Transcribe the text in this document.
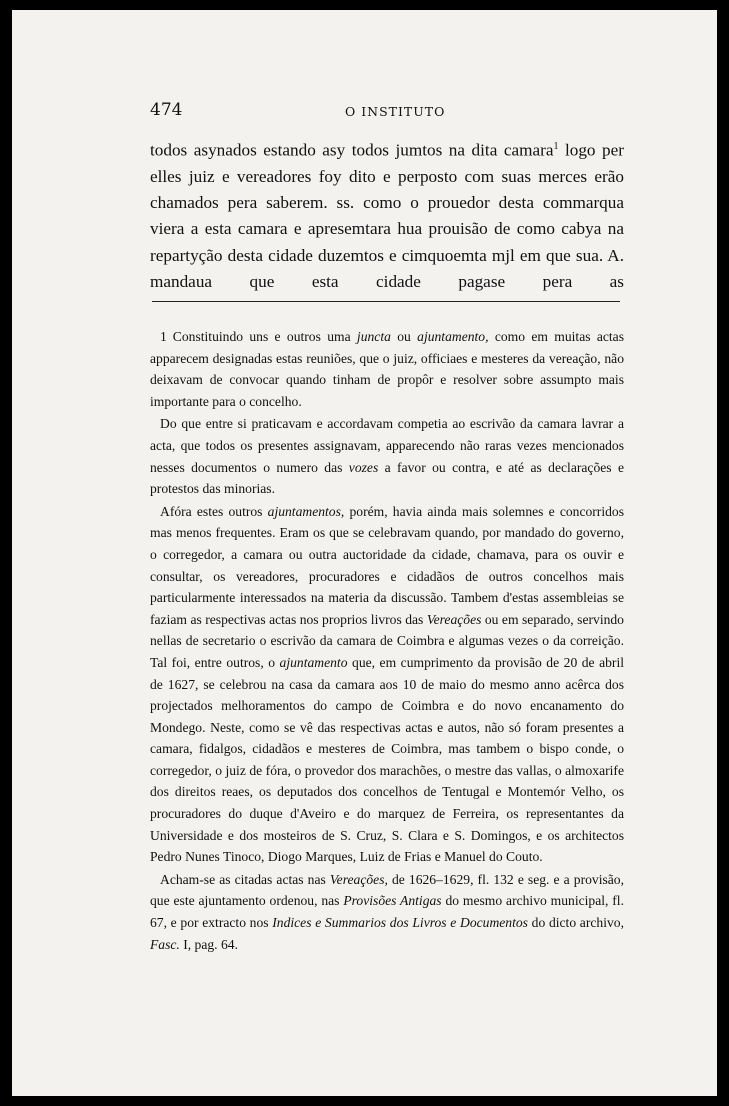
474	O INSTITUTO

todos asynados estando asy todos jumtos na dita camara$^1$ logo per elles juiz e vereadores foy dito e perposto com suas merces erão chamados pera saberem. ss. como o prouedor desta commarqua viera a esta camara e apresemtara hua prouisão de como cabya na repartyção desta cidade duzemtos e cimquoemta mjl em que sua. A. mandaua que esta cidade pagase pera as

1 Constituindo uns e outros uma juncta ou ajuntamento, como em muitas actas apparecem designadas estas reuniões, que o juiz, officiaes e mesteres da vereação, não deixavam de convocar quando tinham de propôr e resolver sobre assumpto mais importante para o concelho.

Do que entre si praticavam e accordavam competia ao escrivão da camara lavrar a acta, que todos os presentes assignavam, apparecendo não raras vezes mencionados nesses documentos o numero das vozes a favor ou contra, e até as declarações e protestos das minorias.

Afóra estes outros ajuntamentos, porém, havia ainda mais solemnes e concorridos mas menos frequentes. Eram os que se celebravam quando, por mandado do governo, o corregedor, a camara ou outra auctoridade da cidade, chamava, para os ouvir e consultar, os vereadores, procuradores e cidadãos de outros concelhos mais particularmente interessados na materia da discussão. Tambem d'estas assembleias se faziam as respectivas actas nos proprios livros das Vereações ou em separado, servindo nellas de secretario o escrivão da camara de Coimbra e algumas vezes o da correição. Tal foi, entre outros, o ajuntamento que, em cumprimento da provisão de 20 de abril de 1627, se celebrou na casa da camara aos 10 de maio do mesmo anno acêrca dos projectados melhoramentos do campo de Coimbra e do novo encanamento do Mondego. Neste, como se vê das respectivas actas e autos, não só foram presentes a camara, fidalgos, cidadãos e mesteres de Coimbra, mas tambem o bispo conde, o corregedor, o juiz de fóra, o provedor dos marachões, o mestre das vallas, o almoxarife dos direitos reaes, os deputados dos concelhos de Tentugal e Montemór Velho, os procuradores do duque d'Aveiro e do marquez de Ferreira, os representantes da Universidade e dos mosteiros de S. Cruz, S. Clara e S. Domingos, e os architectos Pedro Nunes Tinoco, Diogo Marques, Luiz de Frias e Manuel do Couto.

Acham-se as citadas actas nas Vereações, de 1626–1629, fl. 132 e seg. e a provisão, que este ajuntamento ordenou, nas Provisões Antigas do mesmo archivo municipal, fl. 67, e por extracto nos Indices e Summarios dos Livros e Documentos do dicto archivo, Fasc. I, pag. 64.
